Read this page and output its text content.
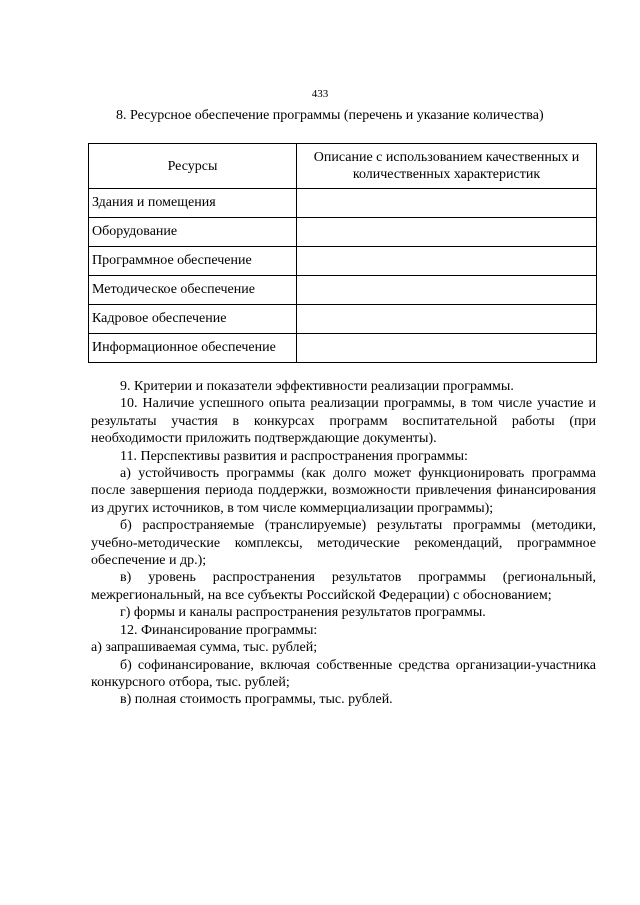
433
8. Ресурсное обеспечение программы (перечень и указание количества)
Ресурсы	Описание с использованием качественных и количественных характеристик
Здания и помещения	
Оборудование	
Программное обеспечение	
Методическое обеспечение	
Кадровое обеспечение	
Информационное обеспечение	

9. Критерии и показатели эффективности реализации программы.

10. Наличие успешного опыта реализации программы, в том числе участие и результаты участия в конкурсах программ воспитательной работы (при необходимости приложить подтверждающие документы).

11. Перспективы развития и распространения программы:

а) устойчивость программы (как долго может функционировать программа после завершения периода поддержки, возможности привлечения финансирования из других источников, в том числе коммерциализации программы);

б) распространяемые (транслируемые) результаты программы (методики, учебно-методические комплексы, методические рекомендаций, программное обеспечение и др.);

в) уровень распространения результатов программы (региональный, межрегиональный, на все субъекты Российской Федерации) с обоснованием;

г) формы и каналы распространения результатов программы.

12. Финансирование программы:

а) запрашиваемая сумма, тыс. рублей;

б) софинансирование, включая собственные средства организации-участника конкурсного отбора, тыс. рублей;

в) полная стоимость программы, тыс. рублей.
